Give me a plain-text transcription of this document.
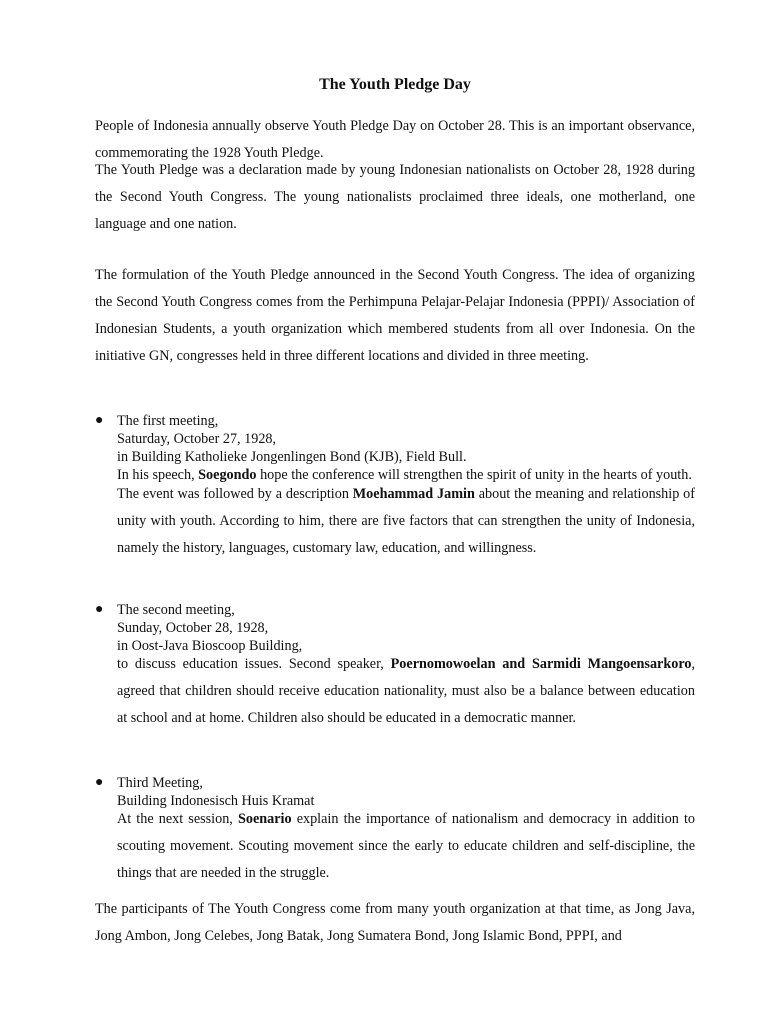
The Youth Pledge Day

People of Indonesia annually observe Youth Pledge Day on October 28. This is an important observance, commemorating the 1928 Youth Pledge.

The Youth Pledge was a declaration made by young Indonesian nationalists on October 28, 1928 during the Second Youth Congress. The young nationalists proclaimed three ideals, one motherland, one language and one nation.

The formulation of the Youth Pledge announced in the Second Youth Congress. The idea of organizing the Second Youth Congress comes from the Perhimpuna Pelajar-Pelajar Indonesia (PPPI)/ Association of Indonesian Students, a youth organization which membered students from all over Indonesia. On the initiative GN, congresses held in three different locations and divided in three meeting.

● The first meeting,

Saturday, October 27, 1928,

in Building Katholieke Jongenlingen Bond (KJB), Field Bull.

In his speech, Soegondo hope the conference will strengthen the spirit of unity in the hearts of youth.

The event was followed by a description Moehammad Jamin about the meaning and relationship of unity with youth. According to him, there are five factors that can strengthen the unity of Indonesia, namely the history, languages, customary law, education, and willingness.

● The second meeting,

Sunday, October 28, 1928,

in Oost-Java Bioscoop Building,

to discuss education issues. Second speaker, Poernomowoelan and Sarmidi Mangoensarkoro, agreed that children should receive education nationality, must also be a balance between education at school and at home. Children also should be educated in a democratic manner.

● Third Meeting,

Building Indonesisch Huis Kramat

At the next session, Soenario explain the importance of nationalism and democracy in addition to scouting movement. Scouting movement since the early to educate children and self-discipline, the things that are needed in the struggle.

The participants of The Youth Congress come from many youth organization at that time, as Jong Java, Jong Ambon, Jong Celebes, Jong Batak, Jong Sumatera Bond, Jong Islamic Bond, PPPI, and
